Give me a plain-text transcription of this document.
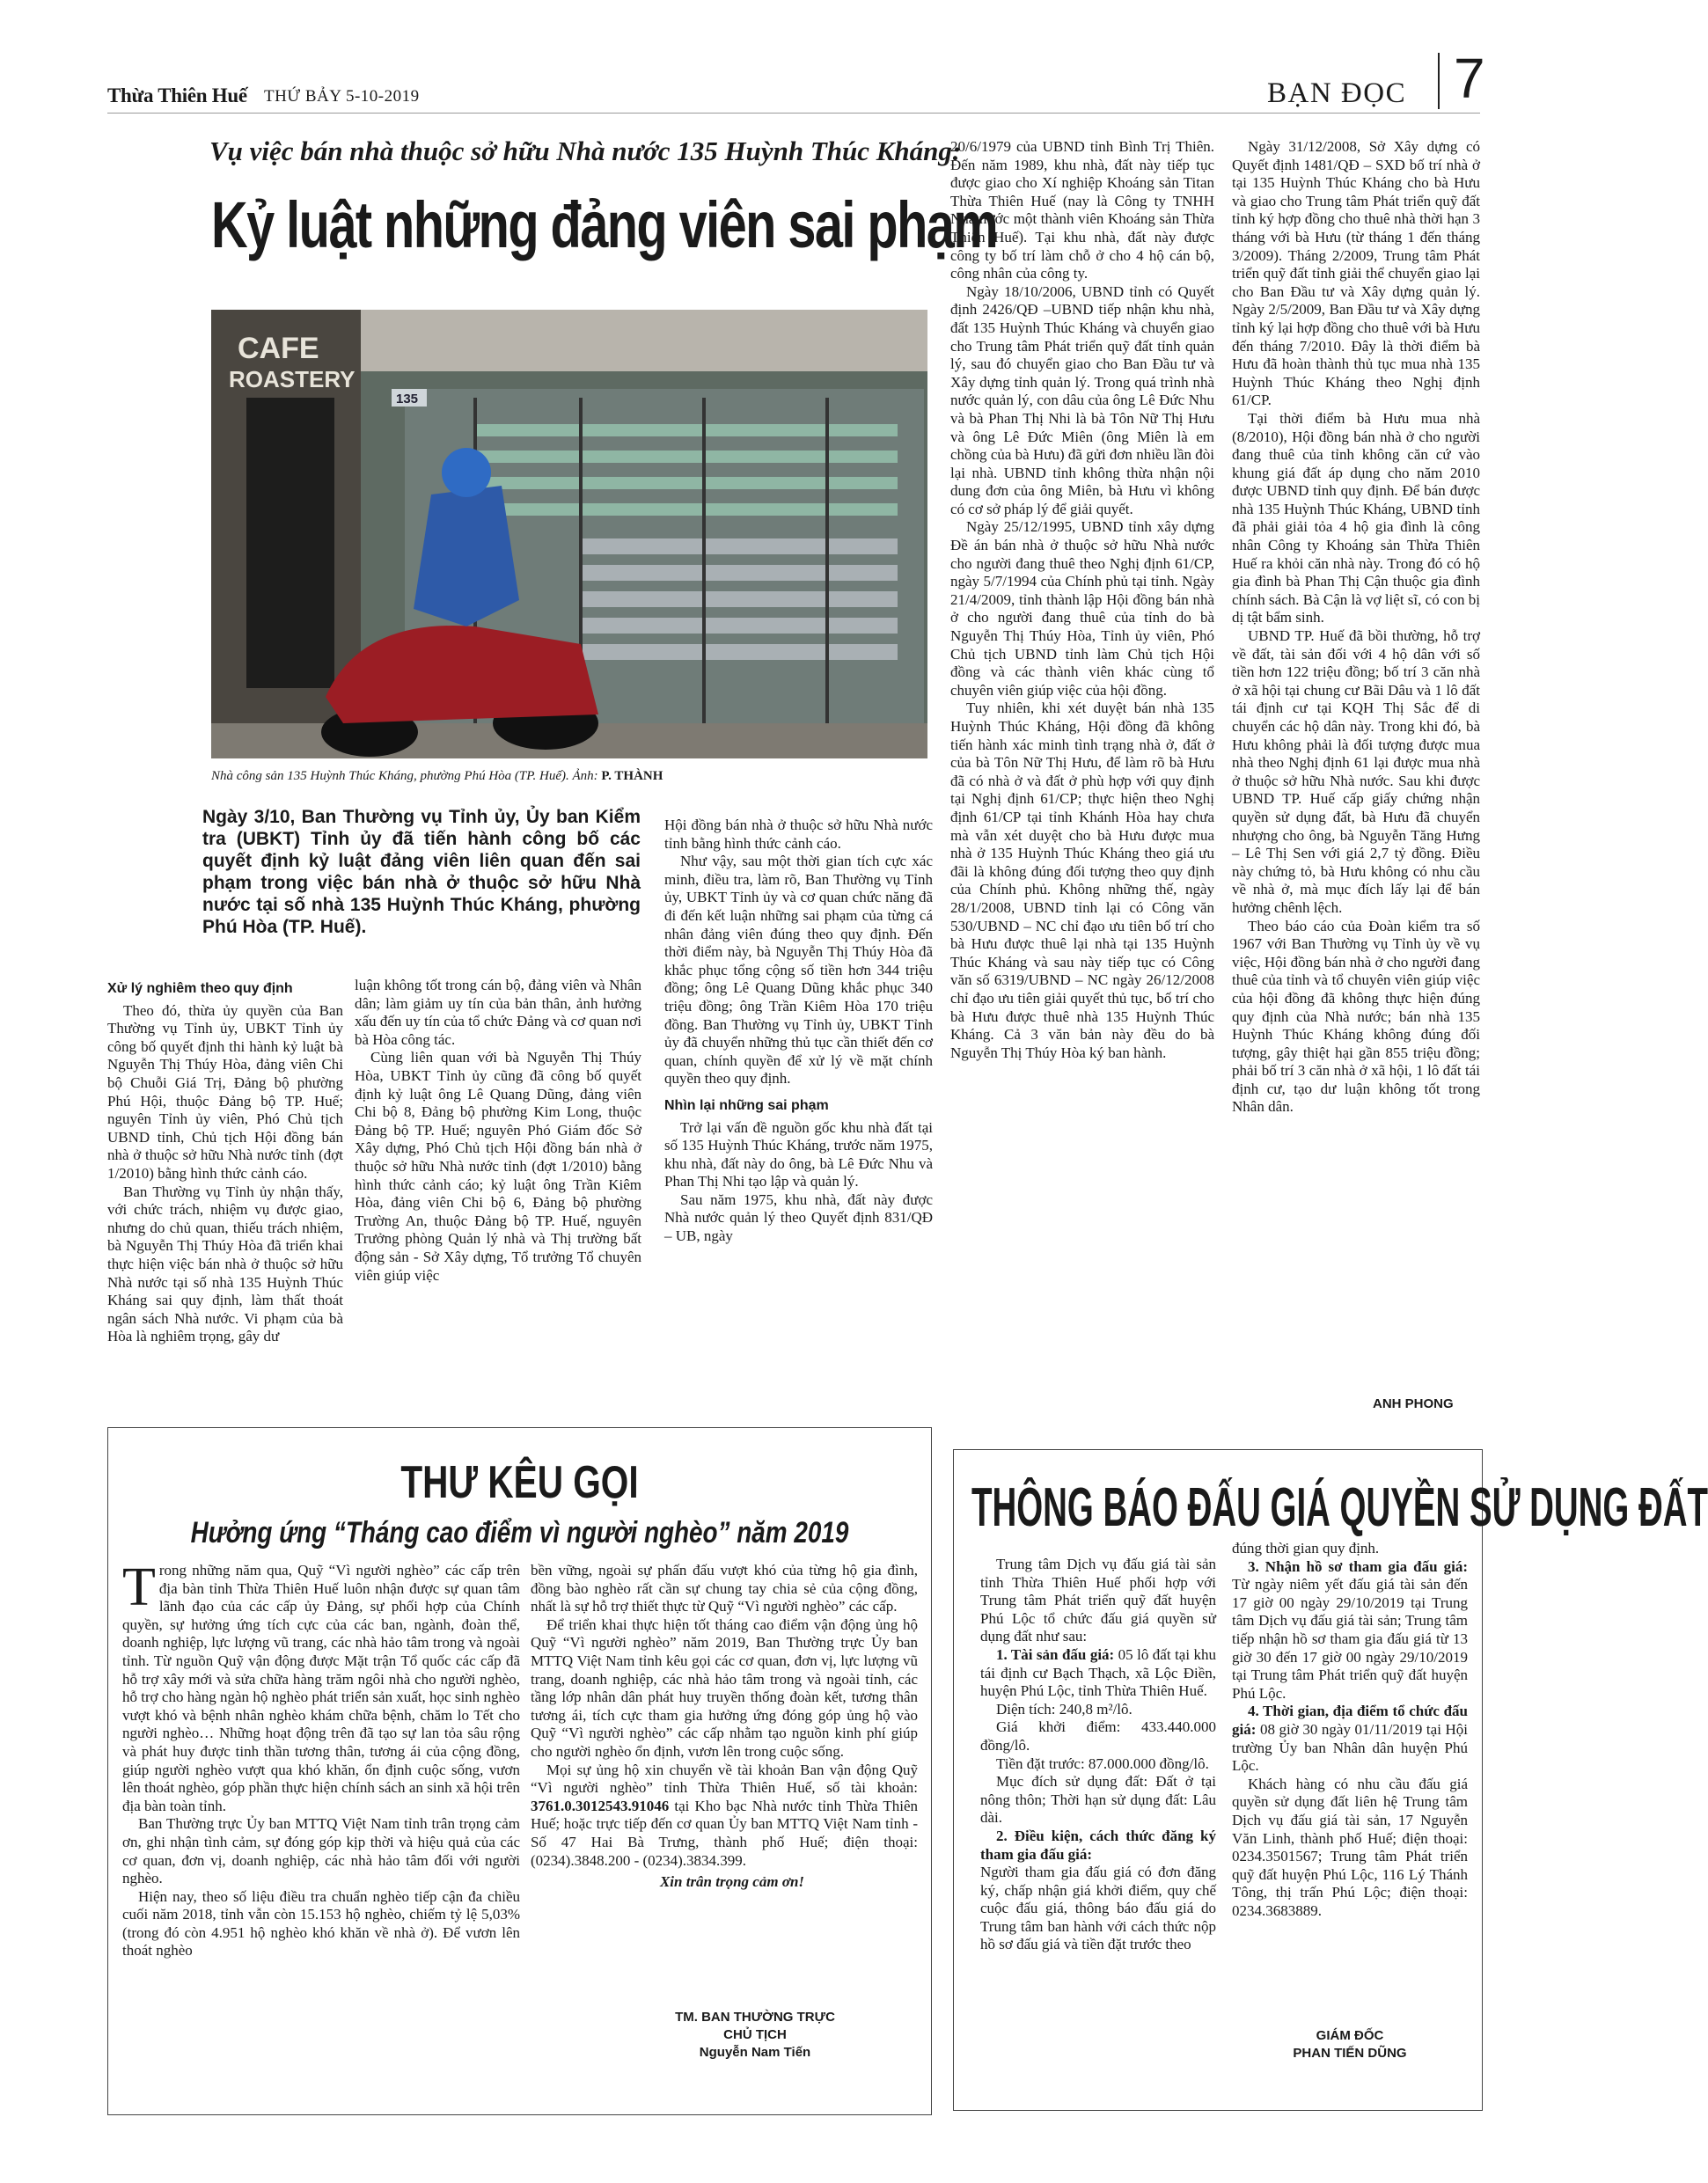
Thừa Thiên Huế THỨ BẢY 5-10-2019	BẠN ĐỌC 7
Vụ việc bán nhà thuộc sở hữu Nhà nước 135 Huỳnh Thúc Kháng:
Kỷ luật những đảng viên sai phạm
CAFE
ROASTERY
135
Nhà công sản 135 Huỳnh Thúc Kháng, phường Phú Hòa (TP. Huế). Ảnh: P. THÀNH
Ngày 3/10, Ban Thường vụ Tỉnh ủy, Ủy ban Kiểm tra (UBKT) Tỉnh ủy đã tiến hành công bố các quyết định kỷ luật đảng viên liên quan đến sai phạm trong việc bán nhà ở thuộc sở hữu Nhà nước tại số nhà 135 Huỳnh Thúc Kháng, phường Phú Hòa (TP. Huế).
Xử lý nghiêm theo quy định

Theo đó, thừa ủy quyền của Ban Thường vụ Tỉnh ủy, UBKT Tỉnh ủy công bố quyết định thi hành kỷ luật bà Nguyễn Thị Thúy Hòa, đảng viên Chi bộ Chuỗi Giá Trị, Đảng bộ phường Phú Hội, thuộc Đảng bộ TP. Huế; nguyên Tỉnh ủy viên, Phó Chủ tịch UBND tỉnh, Chủ tịch Hội đồng bán nhà ở thuộc sở hữu Nhà nước tỉnh (đợt 1/2010) bằng hình thức cảnh cáo.

Ban Thường vụ Tỉnh ủy nhận thấy, với chức trách, nhiệm vụ được giao, nhưng do chủ quan, thiếu trách nhiệm, bà Nguyễn Thị Thúy Hòa đã triển khai thực hiện việc bán nhà ở thuộc sở hữu Nhà nước tại số nhà 135 Huỳnh Thúc Kháng sai quy định, làm thất thoát ngân sách Nhà nước. Vi phạm của bà Hòa là nghiêm trọng, gây dư

luận không tốt trong cán bộ, đảng viên và Nhân dân; làm giảm uy tín của bản thân, ảnh hưởng xấu đến uy tín của tổ chức Đảng và cơ quan nơi bà Hòa công tác.

Cùng liên quan với bà Nguyễn Thị Thúy Hòa, UBKT Tỉnh ủy cũng đã công bố quyết định kỷ luật ông Lê Quang Dũng, đảng viên Chi bộ 8, Đảng bộ phường Kim Long, thuộc Đảng bộ TP. Huế; nguyên Phó Giám đốc Sở Xây dựng, Phó Chủ tịch Hội đồng bán nhà ở thuộc sở hữu Nhà nước tỉnh (đợt 1/2010) bằng hình thức cảnh cáo; kỷ luật ông Trần Kiêm Hòa, đảng viên Chi bộ 6, Đảng bộ phường Trường An, thuộc Đảng bộ TP. Huế, nguyên Trưởng phòng Quản lý nhà và Thị trường bất động sản - Sở Xây dựng, Tổ trưởng Tổ chuyên viên giúp việc

Hội đồng bán nhà ở thuộc sở hữu Nhà nước tỉnh bằng hình thức cảnh cáo.

Như vậy, sau một thời gian tích cực xác minh, điều tra, làm rõ, Ban Thường vụ Tỉnh ủy, UBKT Tỉnh ủy và cơ quan chức năng đã đi đến kết luận những sai phạm của từng cá nhân đảng viên đúng theo quy định. Đến thời điểm này, bà Nguyễn Thị Thúy Hòa đã khắc phục tổng cộng số tiền hơn 344 triệu đồng; ông Lê Quang Dũng khắc phục 340 triệu đồng; ông Trần Kiêm Hòa 170 triệu đồng. Ban Thường vụ Tỉnh ủy, UBKT Tỉnh ủy đã chuyển những thủ tục cần thiết đến cơ quan, chính quyền để xử lý về mặt chính quyền theo quy định.

Nhìn lại những sai phạm

Trở lại vấn đề nguồn gốc khu nhà đất tại số 135 Huỳnh Thúc Kháng, trước năm 1975, khu nhà, đất này do ông, bà Lê Đức Nhu và Phan Thị Nhi tạo lập và quản lý.

Sau năm 1975, khu nhà, đất này được Nhà nước quản lý theo Quyết định 831/QĐ – UB, ngày

20/6/1979 của UBND tỉnh Bình Trị Thiên. Đến năm 1989, khu nhà, đất này tiếp tục được giao cho Xí nghiệp Khoáng sản Titan Thừa Thiên Huế (nay là Công ty TNHH Nhà nước một thành viên Khoáng sản Thừa Thiên Huế). Tại khu nhà, đất này được công ty bố trí làm chỗ ở cho 4 hộ cán bộ, công nhân của công ty.

Ngày 18/10/2006, UBND tỉnh có Quyết định 2426/QĐ –UBND tiếp nhận khu nhà, đất 135 Huỳnh Thúc Kháng và chuyển giao cho Trung tâm Phát triển quỹ đất tỉnh quản lý, sau đó chuyển giao cho Ban Đầu tư và Xây dựng tỉnh quản lý. Trong quá trình nhà nước quản lý, con dâu của ông Lê Đức Nhu và bà Phan Thị Nhi là bà Tôn Nữ Thị Hưu và ông Lê Đức Miên (ông Miên là em chồng của bà Hưu) đã gửi đơn nhiều lần đòi lại nhà. UBND tỉnh không thừa nhận nội dung đơn của ông Miên, bà Hưu vì không có cơ sở pháp lý để giải quyết.

Ngày 25/12/1995, UBND tỉnh xây dựng Đề án bán nhà ở thuộc sở hữu Nhà nước cho người đang thuê theo Nghị định 61/CP, ngày 5/7/1994 của Chính phủ tại tỉnh. Ngày 21/4/2009, tỉnh thành lập Hội đồng bán nhà ở cho người đang thuê của tỉnh do bà Nguyễn Thị Thúy Hòa, Tỉnh ủy viên, Phó Chủ tịch UBND tỉnh làm Chủ tịch Hội đồng và các thành viên khác cùng tổ chuyên viên giúp việc của hội đồng.

Tuy nhiên, khi xét duyệt bán nhà 135 Huỳnh Thúc Kháng, Hội đồng đã không tiến hành xác minh tình trạng nhà ở, đất ở của bà Tôn Nữ Thị Hưu, để làm rõ bà Hưu đã có nhà ở và đất ở phù hợp với quy định tại Nghị định 61/CP; thực hiện theo Nghị định 61/CP tại tỉnh Khánh Hòa hay chưa mà vẫn xét duyệt cho bà Hưu được mua nhà ở 135 Huỳnh Thúc Kháng theo giá ưu đãi là không đúng đối tượng theo quy định của Chính phủ. Không những thế, ngày 28/1/2008, UBND tỉnh lại có Công văn 530/UBND – NC chỉ đạo ưu tiên bố trí cho bà Hưu được thuê lại nhà tại 135 Huỳnh Thúc Kháng và sau này tiếp tục có Công văn số 6319/UBND – NC ngày 26/12/2008 chỉ đạo ưu tiên giải quyết thủ tục, bố trí cho bà Hưu được thuê nhà 135 Huỳnh Thúc Kháng. Cả 3 văn bản này đều do bà Nguyễn Thị Thúy Hòa ký ban hành.

Ngày 31/12/2008, Sở Xây dựng có Quyết định 1481/QĐ – SXD bố trí nhà ở tại 135 Huỳnh Thúc Kháng cho bà Hưu và giao cho Trung tâm Phát triển quỹ đất tỉnh ký hợp đồng cho thuê nhà thời hạn 3 tháng với bà Hưu (từ tháng 1 đến tháng 3/2009). Tháng 2/2009, Trung tâm Phát triển quỹ đất tỉnh giải thể chuyển giao lại cho Ban Đầu tư và Xây dựng quản lý. Ngày 2/5/2009, Ban Đầu tư và Xây dựng tỉnh ký lại hợp đồng cho thuê với bà Hưu đến tháng 7/2010. Đây là thời điểm bà Hưu đã hoàn thành thủ tục mua nhà 135 Huỳnh Thúc Kháng theo Nghị định 61/CP.

Tại thời điểm bà Hưu mua nhà (8/2010), Hội đồng bán nhà ở cho người đang thuê của tỉnh không căn cứ vào khung giá đất áp dụng cho năm 2010 được UBND tỉnh quy định. Để bán được nhà 135 Huỳnh Thúc Kháng, UBND tỉnh đã phải giải tỏa 4 hộ gia đình là công nhân Công ty Khoáng sản Thừa Thiên Huế ra khỏi căn nhà này. Trong đó có hộ gia đình bà Phan Thị Cận thuộc gia đình chính sách. Bà Cận là vợ liệt sĩ, có con bị dị tật bẩm sinh.

UBND TP. Huế đã bồi thường, hỗ trợ về đất, tài sản đối với 4 hộ dân với số tiền hơn 122 triệu đồng; bố trí 3 căn nhà ở xã hội tại chung cư Bãi Dâu và 1 lô đất tái định cư tại KQH Thị Sắc để di chuyển các hộ dân này. Trong khi đó, bà Hưu không phải là đối tượng được mua nhà theo Nghị định 61 lại được mua nhà ở thuộc sở hữu Nhà nước. Sau khi được UBND TP. Huế cấp giấy chứng nhận quyền sử dụng đất, bà Hưu đã chuyển nhượng cho ông, bà Nguyễn Tăng Hưng – Lê Thị Sen với giá 2,7 tỷ đồng. Điều này chứng tỏ, bà Hưu không có nhu cầu về nhà ở, mà mục đích lấy lại để bán hưởng chênh lệch.

Theo báo cáo của Đoàn kiểm tra số 1967 với Ban Thường vụ Tỉnh ủy về vụ việc, Hội đồng bán nhà ở cho người đang thuê của tỉnh và tổ chuyên viên giúp việc của hội đồng đã không thực hiện đúng quy định của Nhà nước; bán nhà 135 Huỳnh Thúc Kháng không đúng đối tượng, gây thiệt hại gần 855 triệu đồng; phải bố trí 3 căn nhà ở xã hội, 1 lô đất tái định cư, tạo dư luận không tốt trong Nhân dân.

ANH PHONG
THƯ KÊU GỌI
Hưởng ứng “Tháng cao điểm vì người nghèo” năm 2019

Trong những năm qua, Quỹ “Vì người nghèo” các cấp trên địa bàn tỉnh Thừa Thiên Huế luôn nhận được sự quan tâm lãnh đạo của các cấp ủy Đảng, sự phối hợp của Chính quyền, sự hưởng ứng tích cực của các ban, ngành, đoàn thể, doanh nghiệp, lực lượng vũ trang, các nhà hảo tâm trong và ngoài tỉnh. Từ nguồn Quỹ vận động được Mặt trận Tổ quốc các cấp đã hỗ trợ xây mới và sửa chữa hàng trăm ngôi nhà cho người nghèo, hỗ trợ cho hàng ngàn hộ nghèo phát triển sản xuất, học sinh nghèo vượt khó và bệnh nhân nghèo khám chữa bệnh, chăm lo Tết cho người nghèo… Những hoạt động trên đã tạo sự lan tỏa sâu rộng và phát huy được tinh thần tương thân, tương ái của cộng đồng, giúp người nghèo vượt qua khó khăn, ổn định cuộc sống, vươn lên thoát nghèo, góp phần thực hiện chính sách an sinh xã hội trên địa bàn toàn tỉnh.

Ban Thường trực Ủy ban MTTQ Việt Nam tỉnh trân trọng cảm ơn, ghi nhận tình cảm, sự đóng góp kịp thời và hiệu quả của các cơ quan, đơn vị, doanh nghiệp, các nhà hảo tâm đối với người nghèo.

Hiện nay, theo số liệu điều tra chuẩn nghèo tiếp cận đa chiều cuối năm 2018, tỉnh vẫn còn 15.153 hộ nghèo, chiếm tỷ lệ 5,03% (trong đó còn 4.951 hộ nghèo khó khăn về nhà ở). Để vươn lên thoát nghèo

bền vững, ngoài sự phấn đấu vượt khó của từng hộ gia đình, đồng bào nghèo rất cần sự chung tay chia sẻ của cộng đồng, nhất là sự hỗ trợ thiết thực từ Quỹ “Vì người nghèo” các cấp.

Để triển khai thực hiện tốt tháng cao điểm vận động ủng hộ Quỹ “Vì người nghèo” năm 2019, Ban Thường trực Ủy ban MTTQ Việt Nam tỉnh kêu gọi các cơ quan, đơn vị, lực lượng vũ trang, doanh nghiệp, các nhà hảo tâm trong và ngoài tỉnh, các tầng lớp nhân dân phát huy truyền thống đoàn kết, tương thân tương ái, tích cực tham gia hưởng ứng đóng góp ủng hộ vào Quỹ “Vì người nghèo” các cấp nhằm tạo nguồn kinh phí giúp cho người nghèo ổn định, vươn lên trong cuộc sống.

Mọi sự ủng hộ xin chuyển về tài khoản Ban vận động Quỹ “Vì người nghèo” tỉnh Thừa Thiên Huế, số tài khoản: 3761.0.3012543.91046 tại Kho bạc Nhà nước tỉnh Thừa Thiên Huế; hoặc trực tiếp đến cơ quan Ủy ban MTTQ Việt Nam tỉnh - Số 47 Hai Bà Trưng, thành phố Huế; điện thoại: (0234).3848.200 - (0234).3834.399.

Xin trân trọng cảm ơn!

TM. BAN THƯỜNG TRỰC
CHỦ TỊCH
Nguyễn Nam Tiến
THÔNG BÁO ĐẤU GIÁ QUYỀN SỬ DỤNG ĐẤT

Trung tâm Dịch vụ đấu giá tài sản tỉnh Thừa Thiên Huế phối hợp với Trung tâm Phát triển quỹ đất huyện Phú Lộc tổ chức đấu giá quyền sử dụng đất như sau:

1. Tài sản đấu giá: 05 lô đất tại khu tái định cư Bạch Thạch, xã Lộc Điền, huyện Phú Lộc, tỉnh Thừa Thiên Huế.

Diện tích: 240,8 m²/lô.

Giá khởi điểm: 433.440.000 đồng/lô.

Tiền đặt trước: 87.000.000 đồng/lô.

Mục đích sử dụng đất: Đất ở tại nông thôn; Thời hạn sử dụng đất: Lâu dài.

2. Điều kiện, cách thức đăng ký tham gia đấu giá:

Người tham gia đấu giá có đơn đăng ký, chấp nhận giá khởi điểm, quy chế cuộc đấu giá, thông báo đấu giá do Trung tâm ban hành với cách thức nộp hồ sơ đấu giá và tiền đặt trước theo

đúng thời gian quy định.

3. Nhận hồ sơ tham gia đấu giá: Từ ngày niêm yết đấu giá tài sản đến 17 giờ 00 ngày 29/10/2019 tại Trung tâm Dịch vụ đấu giá tài sản; Trung tâm tiếp nhận hồ sơ tham gia đấu giá từ 13 giờ 30 đến 17 giờ 00 ngày 29/10/2019 tại Trung tâm Phát triển quỹ đất huyện Phú Lộc.

4. Thời gian, địa điểm tổ chức đấu giá: 08 giờ 30 ngày 01/11/2019 tại Hội trường Ủy ban Nhân dân huyện Phú Lộc.

Khách hàng có nhu cầu đấu giá quyền sử dụng đất liên hệ Trung tâm Dịch vụ đấu giá tài sản, 17 Nguyễn Văn Linh, thành phố Huế; điện thoại: 0234.3501567; Trung tâm Phát triển quỹ đất huyện Phú Lộc, 116 Lý Thánh Tông, thị trấn Phú Lộc; điện thoại: 0234.3683889.

GIÁM ĐỐC
PHAN TIẾN DŨNG
